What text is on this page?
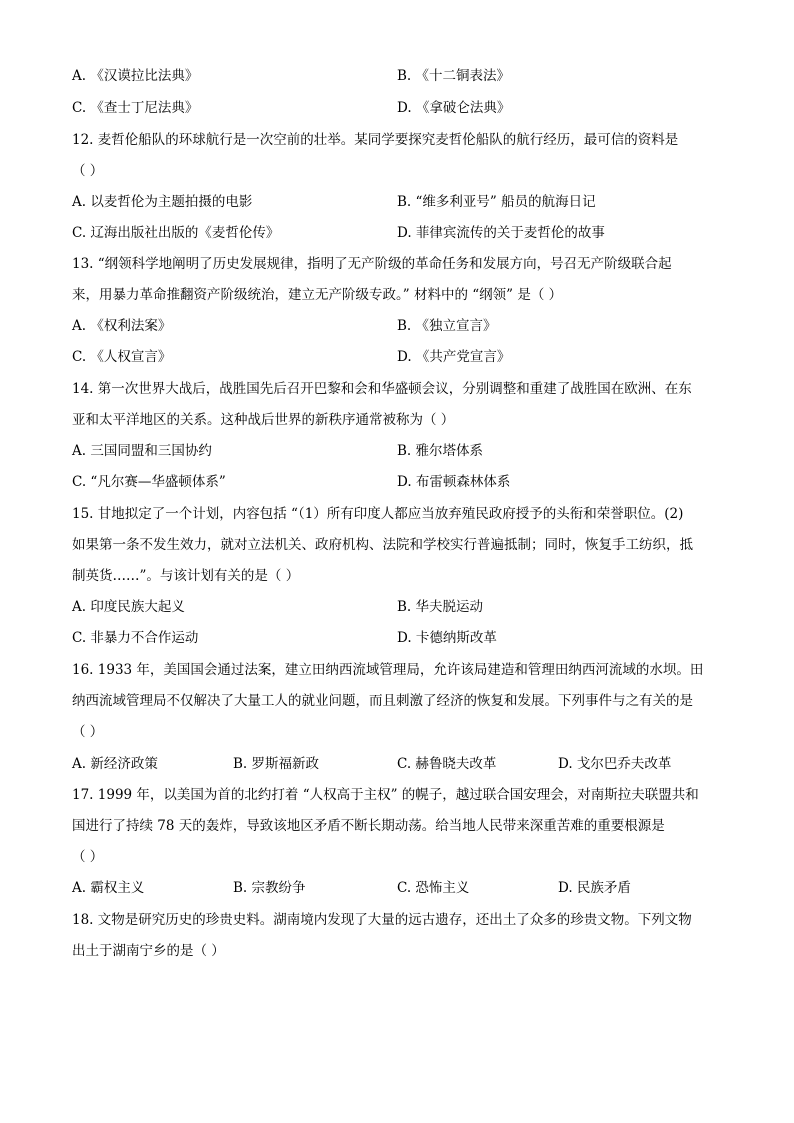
A. 《汉谟拉比法典》	B. 《十二铜表法》
C. 《查士丁尼法典》	D. 《拿破仑法典》
12. 麦哲伦船队的环球航行是一次空前的壮举。某同学要探究麦哲伦船队的航行经历，最可信的资料是
（ ）
A. 以麦哲伦为主题拍摄的电影	B. “维多利亚号” 船员的航海日记
C. 辽海出版社出版的《麦哲伦传》	D. 菲律宾流传的关于麦哲伦的故事
13. “纲领科学地阐明了历史发展规律，指明了无产阶级的革命任务和发展方向，号召无产阶级联合起
来，用暴力革命推翻资产阶级统治，建立无产阶级专政。” 材料中的 “纲领” 是（ ）
A. 《权利法案》	B. 《独立宣言》
C. 《人权宣言》	D. 《共产党宣言》
14. 第一次世界大战后，战胜国先后召开巴黎和会和华盛顿会议，分别调整和重建了战胜国在欧洲、在东
亚和太平洋地区的关系。这种战后世界的新秩序通常被称为（ ）
A. 三国同盟和三国协约	B. 雅尔塔体系
C. “凡尔赛—华盛顿体系”	D. 布雷顿森林体系
15. 甘地拟定了一个计划，内容包括 “（1）所有印度人都应当放弃殖民政府授予的头衔和荣誉职位。(2)
如果第一条不发生效力，就对立法机关、政府机构、法院和学校实行普遍抵制；同时，恢复手工纺织，抵
制英货……”。与该计划有关的是（ ）
A. 印度民族大起义	B. 华夫脱运动
C. 非暴力不合作运动	D. 卡德纳斯改革
16. 1933 年，美国国会通过法案，建立田纳西流域管理局，允许该局建造和管理田纳西河流域的水坝。田
纳西流域管理局不仅解决了大量工人的就业问题，而且刺激了经济的恢复和发展。下列事件与之有关的是
（ ）
A. 新经济政策	B. 罗斯福新政	C. 赫鲁晓夫改革	D. 戈尔巴乔夫改革
17. 1999 年，以美国为首的北约打着 “人权高于主权” 的幌子，越过联合国安理会，对南斯拉夫联盟共和
国进行了持续 78 天的轰炸，导致该地区矛盾不断长期动荡。给当地人民带来深重苦难的重要根源是
（ ）
A. 霸权主义	B. 宗教纷争	C. 恐怖主义	D. 民族矛盾
18. 文物是研究历史的珍贵史料。湖南境内发现了大量的远古遗存，还出土了众多的珍贵文物。下列文物
出土于湖南宁乡的是（ ）
